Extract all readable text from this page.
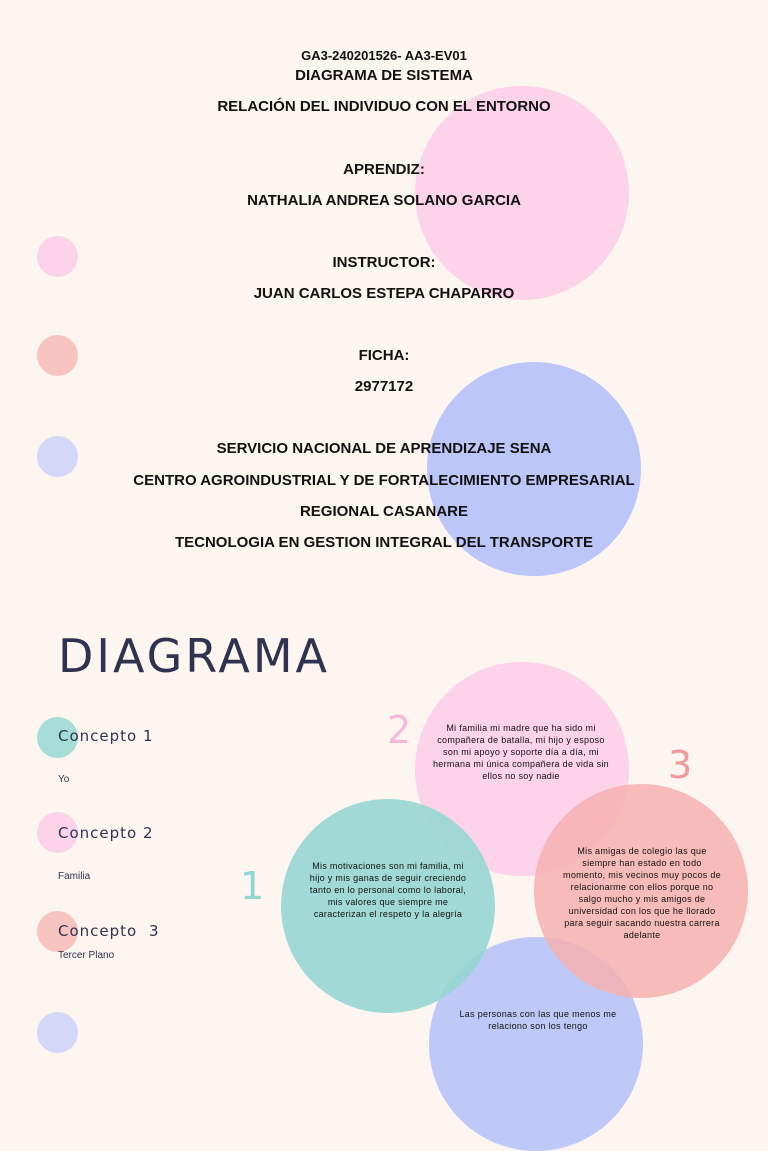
GA3-240201526- AA3-EV01
DIAGRAMA DE SISTEMA
RELACIÓN DEL INDIVIDUO CON EL ENTORNO
APRENDIZ:
NATHALIA ANDREA SOLANO GARCIA
INSTRUCTOR:
JUAN CARLOS ESTEPA CHAPARRO
FICHA:
2977172
SERVICIO NACIONAL DE APRENDIZAJE SENA
CENTRO AGROINDUSTRIAL Y DE FORTALECIMIENTO EMPRESARIAL
REGIONAL CASANARE
TECNOLOGIA EN GESTION INTEGRAL DEL TRANSPORTE
DIAGRAMA
Concepto 1
Yo
Concepto 2
Familia
Concepto 3
Tercer Plano
1
2
3
Mi familia mi madre que ha sido mi compañera de batalla, mi hijo y esposo son mi apoyo y soporte día a día, mi hermana mi única compañera de vida sin ellos no soy nadie
Mis motivaciones son mi familia, mi hijo y mis ganas de seguir creciendo tanto en lo personal como lo laboral, mis valores que siempre me caracterizan el respeto y la alegría
Mis amigas de colegio las que siempre han estado en todo momento, mis vecinos muy pocos de relacionarme con ellos porque no salgo mucho y mis amigos de universidad con los que he llorado para seguir sacando nuestra carrera adelante
Las personas con las que menos me relaciono son los tengo
